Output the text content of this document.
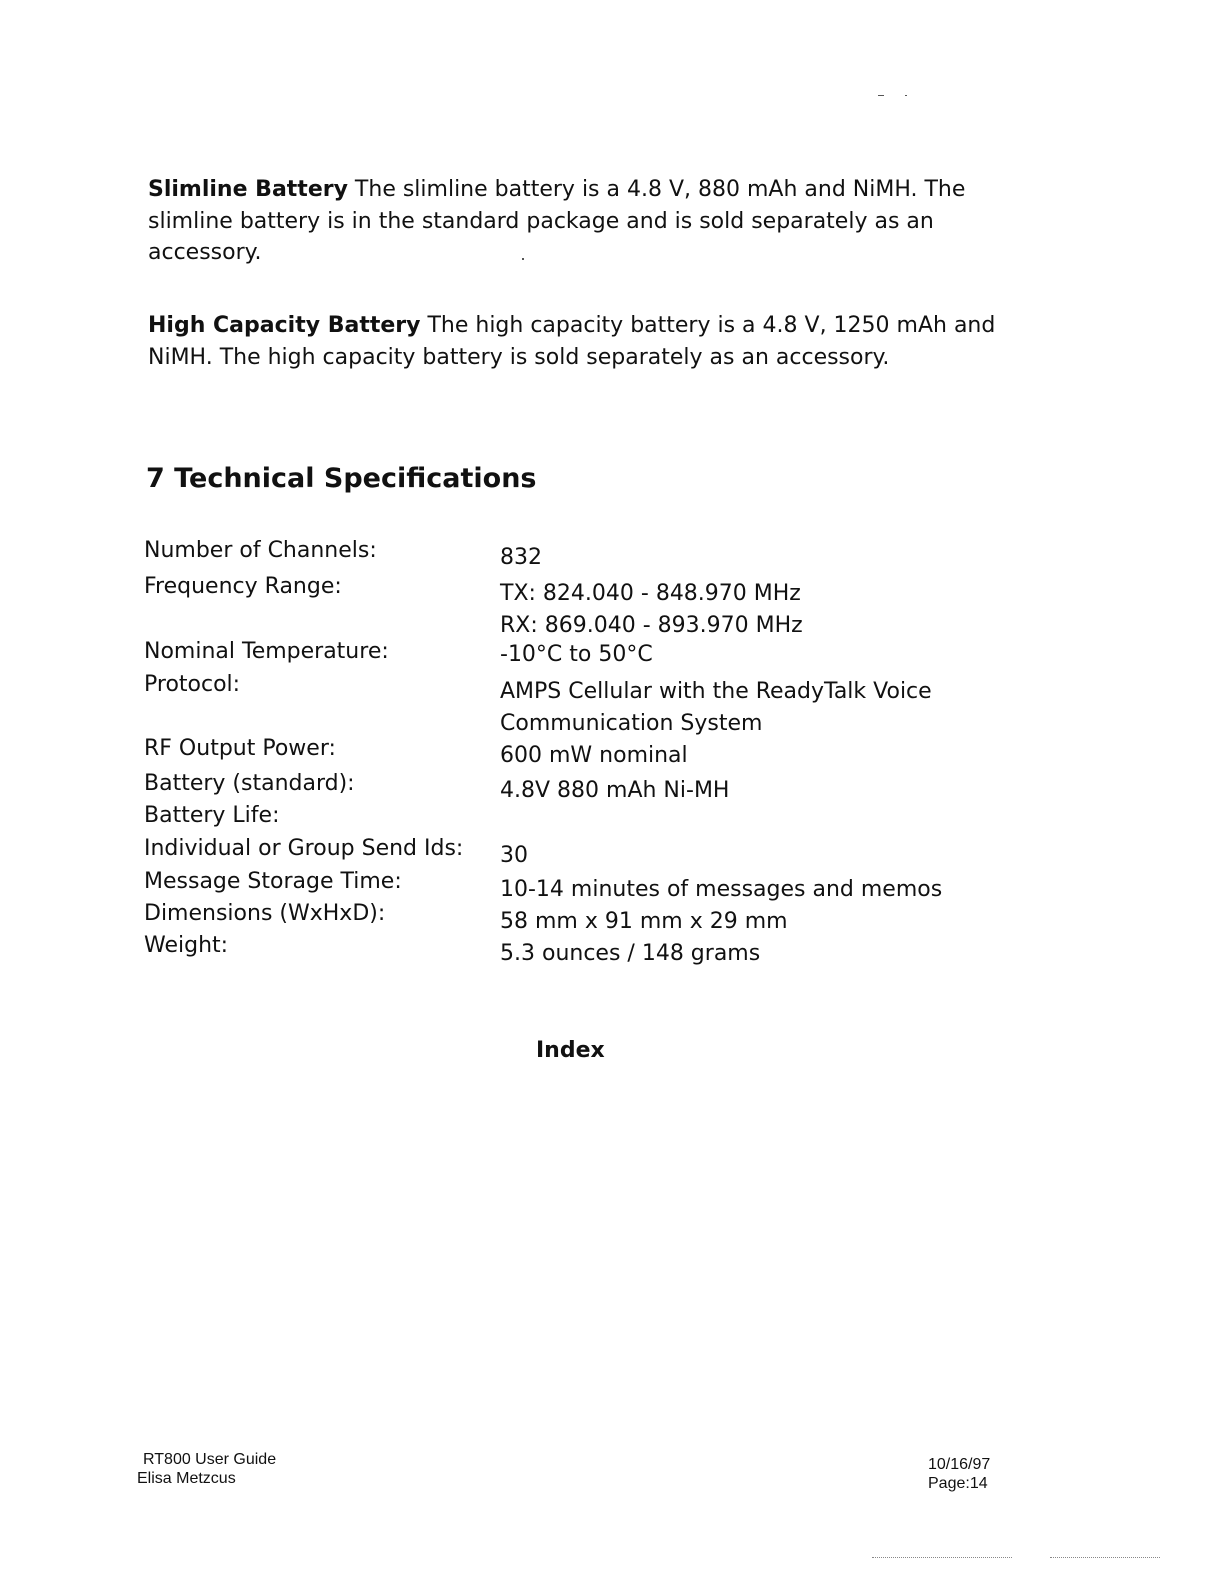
Slimline Battery The slimline battery is a 4.8 V, 880 mAh and NiMH. The slimline battery is in the standard package and is sold separately as an accessory.
High Capacity Battery The high capacity battery is a 4.8 V, 1250 mAh and NiMH. The high capacity battery is sold separately as an accessory.
7 Technical Specifications
Number of Channels:	832
Frequency Range:	TX: 824.040 - 848.970 MHz
RX: 869.040 - 893.970 MHz
Nominal Temperature:	-10°C to 50°C
Protocol:	AMPS Cellular with the ReadyTalk Voice
Communication System
RF Output Power:	600 mW nominal
Battery (standard):	4.8V 880 mAh Ni-MH
Battery Life:
Individual or Group Send Ids: 30
Message Storage Time:	10-14 minutes of messages and memos
Dimensions (WxHxD):	58 mm x 91 mm x 29 mm
Weight:	5.3 ounces / 148 grams
Index
RT800 User Guide
Elisa Metzcus
10/16/97
Page:14
